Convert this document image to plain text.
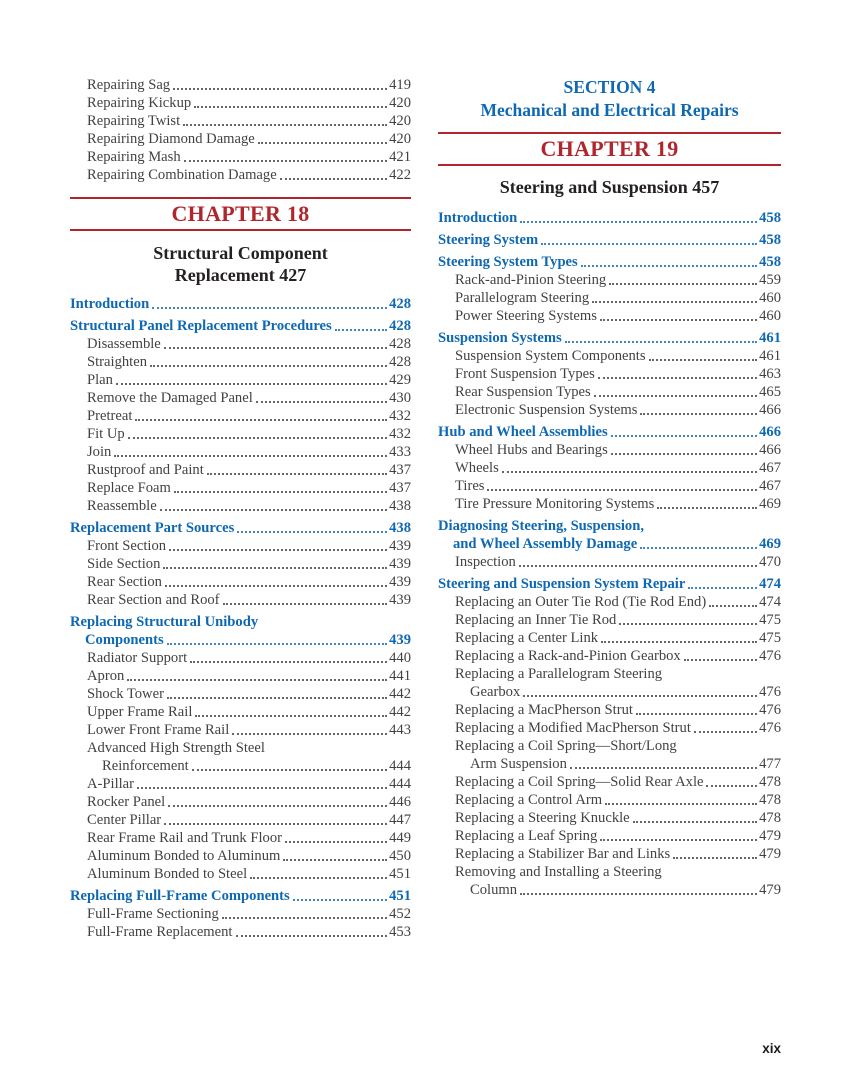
Repairing Sag	419
Repairing Kickup	420
Repairing Twist	420
Repairing Diamond Damage	420
Repairing Mash	421
Repairing Combination Damage	422
CHAPTER 18
Structural Component
Replacement 427
Introduction	428
Structural Panel Replacement Procedures	428
Disassemble	428
Straighten	428
Plan	429
Remove the Damaged Panel	430
Pretreat	432
Fit Up	432
Join	433
Rustproof and Paint	437
Replace Foam	437
Reassemble	438
Replacement Part Sources	438
Front Section	439
Side Section	439
Rear Section	439
Rear Section and Roof	439
Replacing Structural Unibody
Components	439
Radiator Support	440
Apron	441
Shock Tower	442
Upper Frame Rail	442
Lower Front Frame Rail	443
Advanced High Strength Steel
Reinforcement	444
A-Pillar	444
Rocker Panel	446
Center Pillar	447
Rear Frame Rail and Trunk Floor	449
Aluminum Bonded to Aluminum	450
Aluminum Bonded to Steel	451
Replacing Full-Frame Components	451
Full-Frame Sectioning	452
Full-Frame Replacement	453
SECTION 4
Mechanical and Electrical Repairs
CHAPTER 19
Steering and Suspension 457
Introduction	458
Steering System	458
Steering System Types	458
Rack-and-Pinion Steering	459
Parallelogram Steering	460
Power Steering Systems	460
Suspension Systems	461
Suspension System Components	461
Front Suspension Types	463
Rear Suspension Types	465
Electronic Suspension Systems	466
Hub and Wheel Assemblies	466
Wheel Hubs and Bearings	466
Wheels	467
Tires	467
Tire Pressure Monitoring Systems	469
Diagnosing Steering, Suspension,
and Wheel Assembly Damage	469
Inspection	470
Steering and Suspension System Repair	474
Replacing an Outer Tie Rod (Tie Rod End)	474
Replacing an Inner Tie Rod	475
Replacing a Center Link	475
Replacing a Rack-and-Pinion Gearbox	476
Replacing a Parallelogram Steering
Gearbox	476
Replacing a MacPherson Strut	476
Replacing a Modified MacPherson Strut	476
Replacing a Coil Spring—Short/Long
Arm Suspension	477
Replacing a Coil Spring—Solid Rear Axle	478
Replacing a Control Arm	478
Replacing a Steering Knuckle	478
Replacing a Leaf Spring	479
Replacing a Stabilizer Bar and Links	479
Removing and Installing a Steering
Column	479
xix
